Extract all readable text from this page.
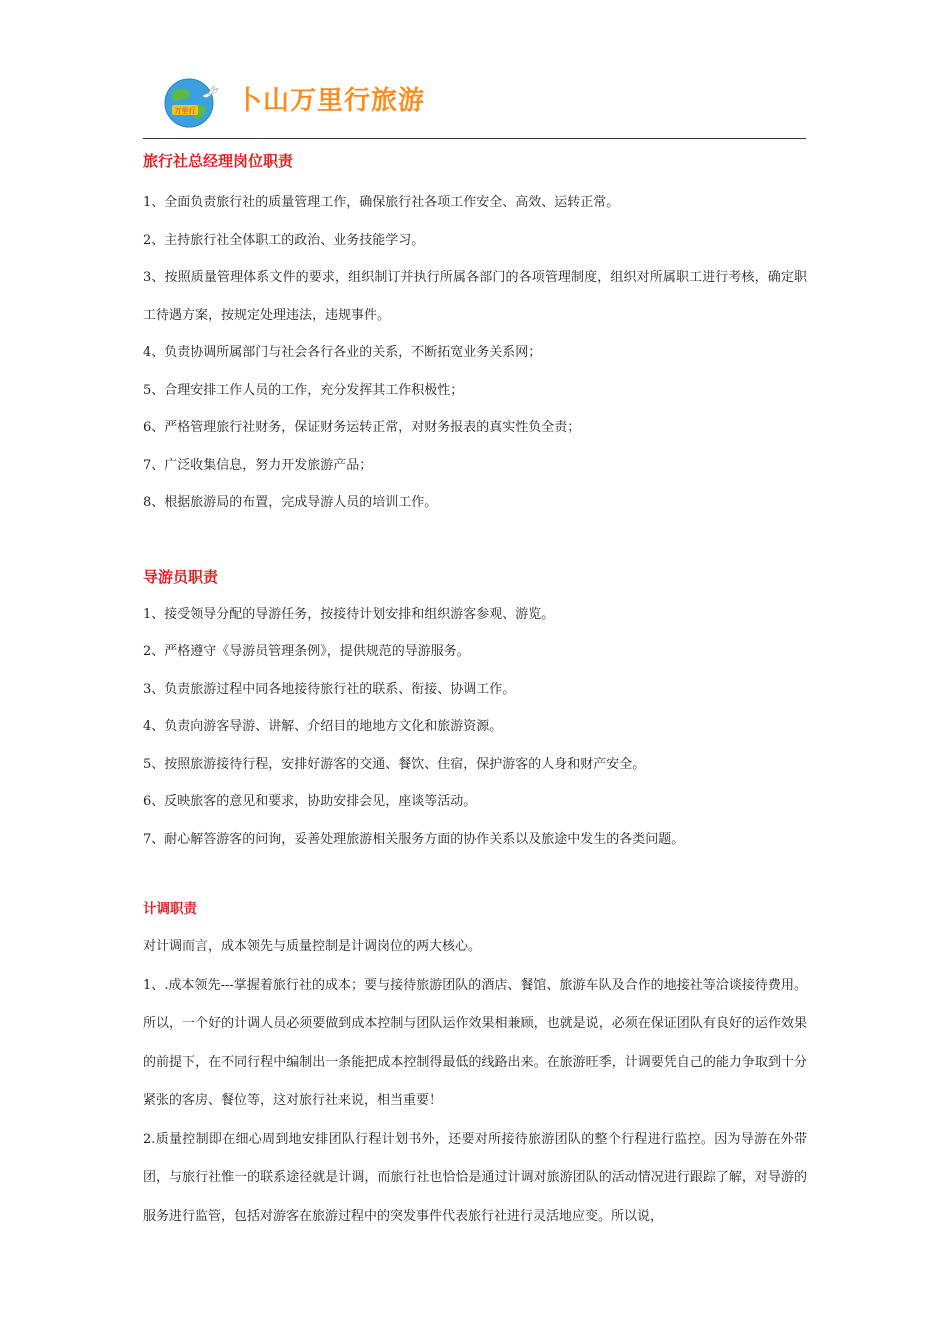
万里行 卜山万里行旅游
旅行社总经理岗位职责

1、全面负责旅行社的质量管理工作，确保旅行社各项工作安全、高效、运转正常。

2、主持旅行社全体职工的政治、业务技能学习。

3、按照质量管理体系文件的要求，组织制订并执行所属各部门的各项管理制度，组织对所属职工进行考核，确定职工待遇方案，按规定处理违法，违规事件。

4、负责协调所属部门与社会各行各业的关系，不断拓宽业务关系网；

5、合理安排工作人员的工作，充分发挥其工作积极性；

6、严格管理旅行社财务，保证财务运转正常，对财务报表的真实性负全责；

7、广泛收集信息，努力开发旅游产品；

8、根据旅游局的布置，完成导游人员的培训工作。

导游员职责

1、接受领导分配的导游任务，按接待计划安排和组织游客参观、游览。

2、严格遵守《导游员管理条例》，提供规范的导游服务。

3、负责旅游过程中同各地接待旅行社的联系、衔接、协调工作。

4、负责向游客导游、讲解、介绍目的地地方文化和旅游资源。

5、按照旅游接待行程，安排好游客的交通、餐饮、住宿，保护游客的人身和财产安全。

6、反映旅客的意见和要求，协助安排会见，座谈等活动。

7、耐心解答游客的问询，妥善处理旅游相关服务方面的协作关系以及旅途中发生的各类问题。

计调职责

对计调而言，成本领先与质量控制是计调岗位的两大核心。

1、.成本领先---掌握着旅行社的成本；要与接待旅游团队的酒店、餐馆、旅游车队及合作的地接社等洽谈接待费用。所以，一个好的计调人员必须要做到成本控制与团队运作效果相兼顾，也就是说，必须在保证团队有良好的运作效果的前提下，在不同行程中编制出一条能把成本控制得最低的线路出来。在旅游旺季，计调要凭自己的能力争取到十分紧张的客房、餐位等，这对旅行社来说，相当重要！

2.质量控制即在细心周到地安排团队行程计划书外，还要对所接待旅游团队的整个行程进行监控。因为导游在外带团，与旅行社惟一的联系途径就是计调，而旅行社也恰恰是通过计调对旅游团队的活动情况进行跟踪了解，对导游的服务进行监管，包括对游客在旅游过程中的突发事件代表旅行社进行灵活地应变。所以说，
